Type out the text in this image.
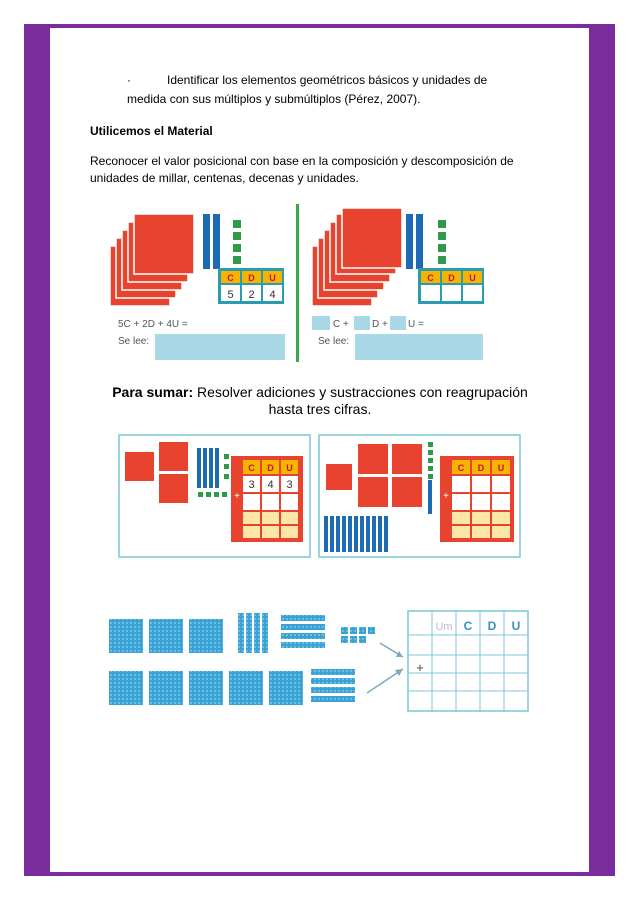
·	Identificar los elementos geométricos básicos y unidades de
medida con sus múltiplos y submúltiplos (Pérez, 2007).
Utilicemos el Material
Reconocer el valor posicional con base en la composición y descomposición de unidades de millar, centenas, decenas y unidades.
C D U
5 2 4
5C + 2D + 4U =
Se lee:
C D U
C + D + U =
Se lee:
Para sumar: Resolver adiciones y sustracciones con reagrupación
hasta tres cifras.
C D U
3 4 3
+
C D U
+
Um C D U
+
